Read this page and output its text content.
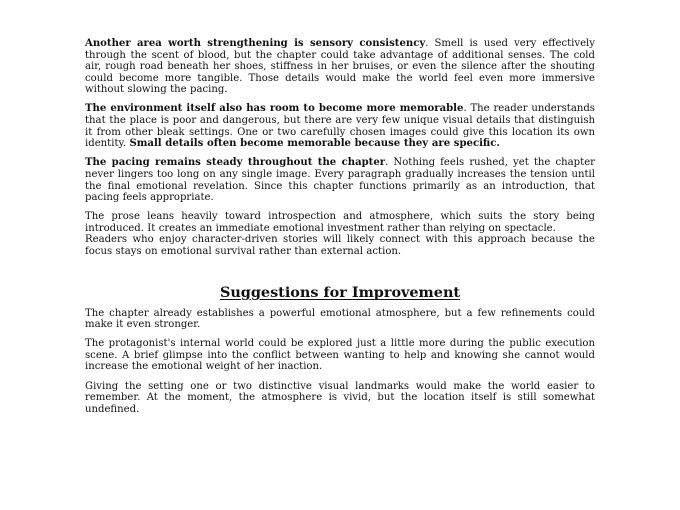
Another area worth strengthening is sensory consistency. Smell is used very effectively through the scent of blood, but the chapter could take advantage of additional senses. The cold air, rough road beneath her shoes, stiffness in her bruises, or even the silence after the shouting could become more tangible. Those details would make the world feel even more immersive without slowing the pacing.

The environment itself also has room to become more memorable. The reader understands that the place is poor and dangerous, but there are very few unique visual details that distinguish it from other bleak settings. One or two carefully chosen images could give this location its own identity. Small details often become memorable because they are specific.

The pacing remains steady throughout the chapter. Nothing feels rushed, yet the chapter never lingers too long on any single image. Every paragraph gradually increases the tension until the final emotional revelation. Since this chapter functions primarily as an introduction, that pacing feels appropriate.

The prose leans heavily toward introspection and atmosphere, which suits the story being introduced. It creates an immediate emotional investment rather than relying on spectacle.

Readers who enjoy character-driven stories will likely connect with this approach because the focus stays on emotional survival rather than external action.

Suggestions for Improvement

The chapter already establishes a powerful emotional atmosphere, but a few refinements could make it even stronger.

The protagonist's internal world could be explored just a little more during the public execution scene. A brief glimpse into the conflict between wanting to help and knowing she cannot would increase the emotional weight of her inaction.

Giving the setting one or two distinctive visual landmarks would make the world easier to remember. At the moment, the atmosphere is vivid, but the location itself is still somewhat undefined.
